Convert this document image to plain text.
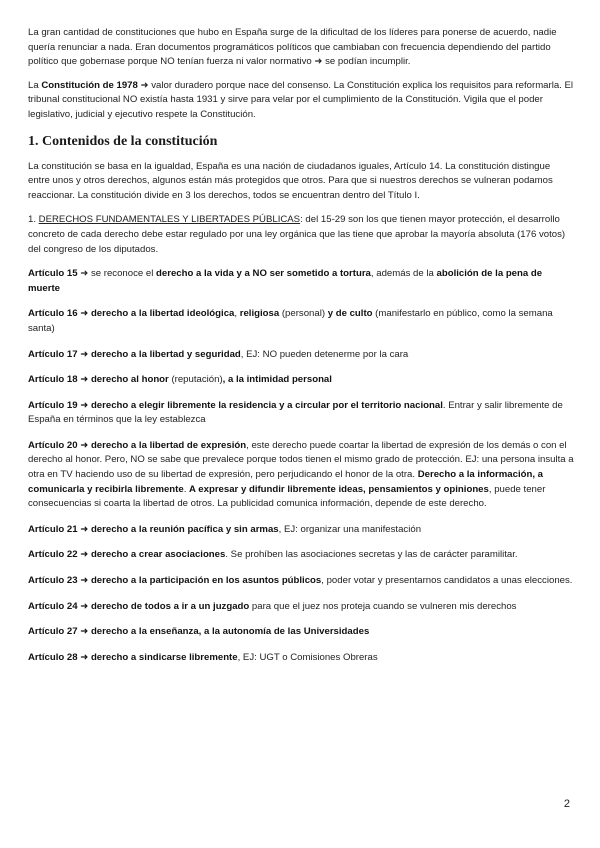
La gran cantidad de constituciones que hubo en España surge de la dificultad de los líderes para ponerse de acuerdo, nadie quería renunciar a nada. Eran documentos programáticos políticos que cambiaban con frecuencia dependiendo del partido político que gobernase porque NO tenían fuerza ni valor normativo ➜ se podían incumplir.

La Constitución de 1978 ➜ valor duradero porque nace del consenso. La Constitución explica los requisitos para reformarla. El tribunal constitucional NO existía hasta 1931 y sirve para velar por el cumplimiento de la Constitución. Vigila que el poder legislativo, judicial y ejecutivo respete la Constitución.

1. Contenidos de la constitución

La constitución se basa en la igualdad, España es una nación de ciudadanos iguales, Artículo 14. La constitución distingue entre unos y otros derechos, algunos están más protegidos que otros. Para que si nuestros derechos se vulneran podamos reaccionar. La constitución divide en 3 los derechos, todos se encuentran dentro del Título I.

1. DERECHOS FUNDAMENTALES Y LIBERTADES PÚBLICAS: del 15-29 son los que tienen mayor protección, el desarrollo concreto de cada derecho debe estar regulado por una ley orgánica que las tiene que aprobar la mayoría absoluta (176 votos) del congreso de los diputados.

Artículo 15 ➜ se reconoce el derecho a la vida y a NO ser sometido a tortura, además de la abolición de la pena de muerte

Artículo 16 ➜ derecho a la libertad ideológica, religiosa (personal) y de culto (manifestarlo en público, como la semana santa)

Artículo 17 ➜ derecho a la libertad y seguridad, EJ: NO pueden detenerme por la cara

Artículo 18 ➜ derecho al honor (reputación), a la intimidad personal

Artículo 19 ➜ derecho a elegir libremente la residencia y a circular por el territorio nacional. Entrar y salir libremente de España en términos que la ley establezca

Artículo 20 ➜ derecho a la libertad de expresión, este derecho puede coartar la libertad de expresión de los demás o con el derecho al honor. Pero, NO se sabe que prevalece porque todos tienen el mismo grado de protección. EJ: una persona insulta a otra en TV haciendo uso de su libertad de expresión, pero perjudicando el honor de la otra. Derecho a la información, a comunicarla y recibirla libremente. A expresar y difundir libremente ideas, pensamientos y opiniones, puede tener consecuencias si coarta la libertad de otros. La publicidad comunica información, depende de este derecho.

Artículo 21 ➜ derecho a la reunión pacífica y sin armas, EJ: organizar una manifestación

Artículo 22 ➜ derecho a crear asociaciones. Se prohíben las asociaciones secretas y las de carácter paramilitar.

Artículo 23 ➜ derecho a la participación en los asuntos públicos, poder votar y presentarnos candidatos a unas elecciones.

Artículo 24 ➜ derecho de todos a ir a un juzgado para que el juez nos proteja cuando se vulneren mis derechos

Artículo 27 ➜ derecho a la enseñanza, a la autonomía de las Universidades

Artículo 28 ➜ derecho a sindicarse libremente, EJ: UGT o Comisiones Obreras

2
